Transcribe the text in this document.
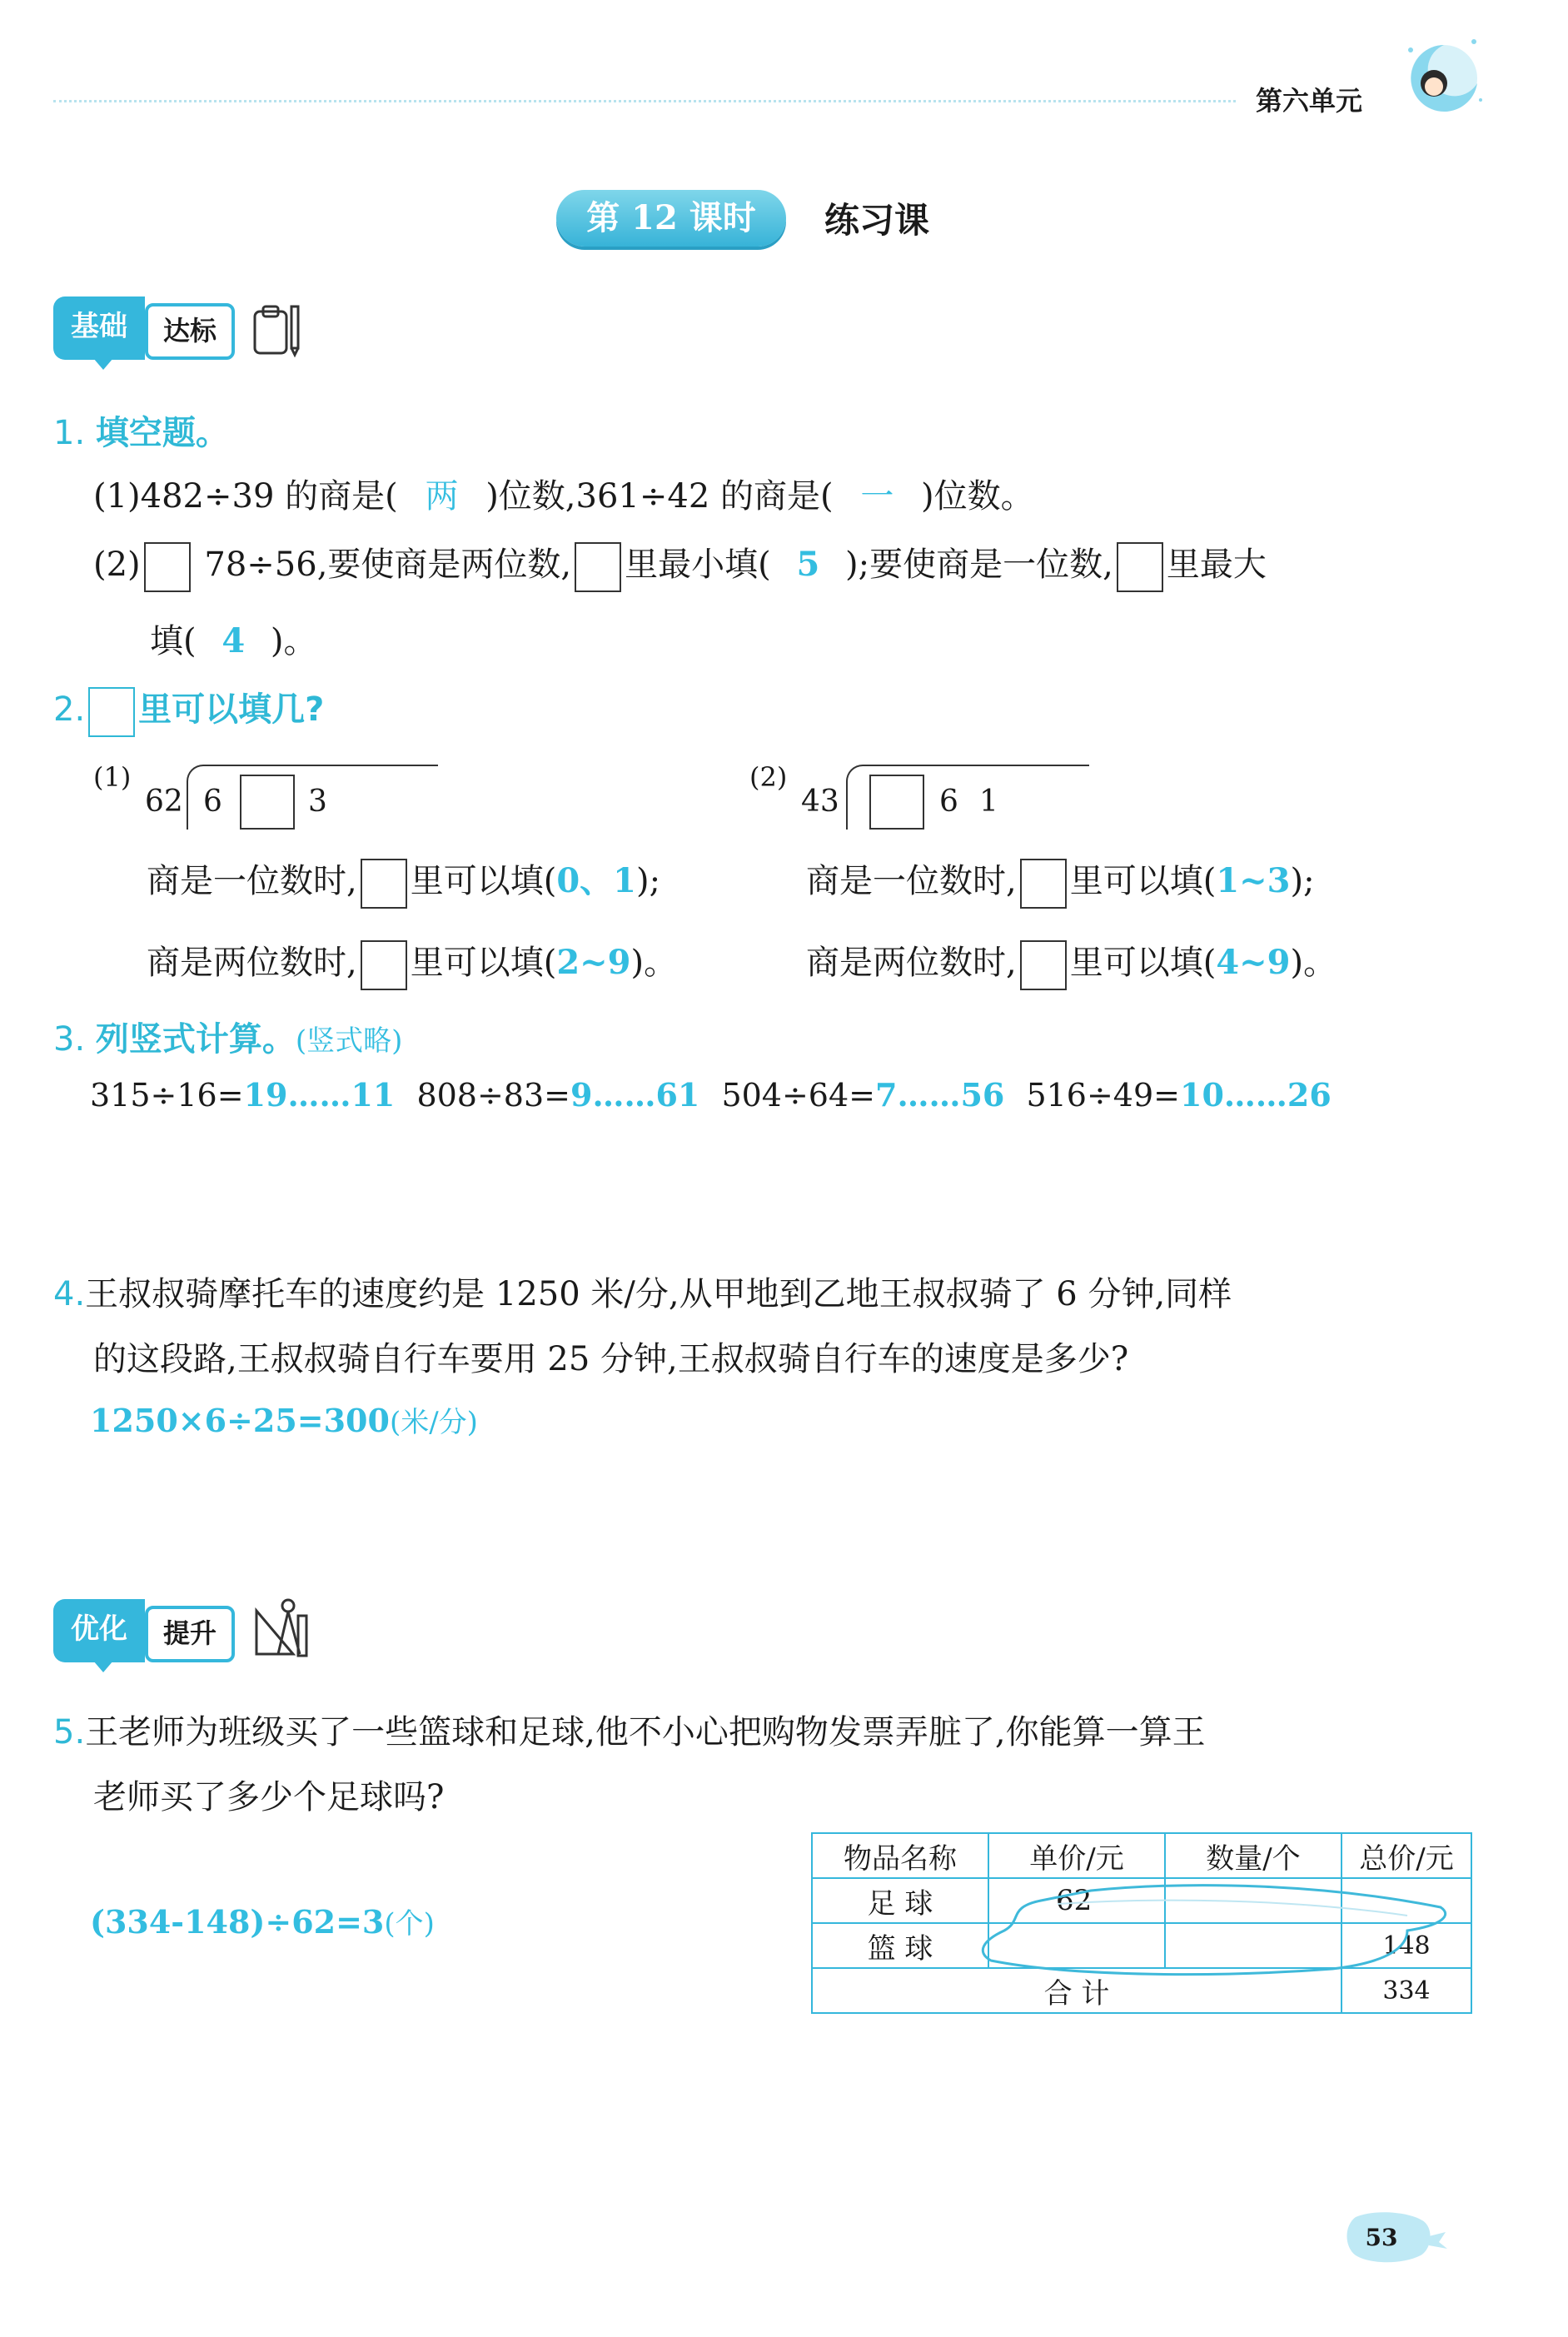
第六单元
第 12 课时	练习课
基础	达标
1. 填空题。
(1)482÷39 的商是( 两 )位数,361÷42 的商是( 一 )位数。
(2) 78÷56,要使商是两位数, 里最小填( 5 );要使商是一位数, 里最大
填( 4 )。
2. 里可以填几?
(1)
62 6	3
(2)
43	6 1
商是一位数时, 里可以填(0、1);
商是两位数时, 里可以填(2~9)。
商是一位数时, 里可以填(1~3);
商是两位数时, 里可以填(4~9)。
3. 列竖式计算。(竖式略)
315÷16=19……11 808÷83=9……61 504÷64=7……56 516÷49=10……26
4.王叔叔骑摩托车的速度约是 1250 米/分,从甲地到乙地王叔叔骑了 6 分钟,同样
的这段路,王叔叔骑自行车要用 25 分钟,王叔叔骑自行车的速度是多少?
1250×6÷25=300(米/分)
优化	提升
5.王老师为班级买了一些篮球和足球,他不小心把购物发票弄脏了,你能算一算王
老师买了多少个足球吗?
(334-148)÷62=3(个)
物品名称	单价/元	数量/个	总价/元
足 球	62		
篮 球			148
合 计			334
53
